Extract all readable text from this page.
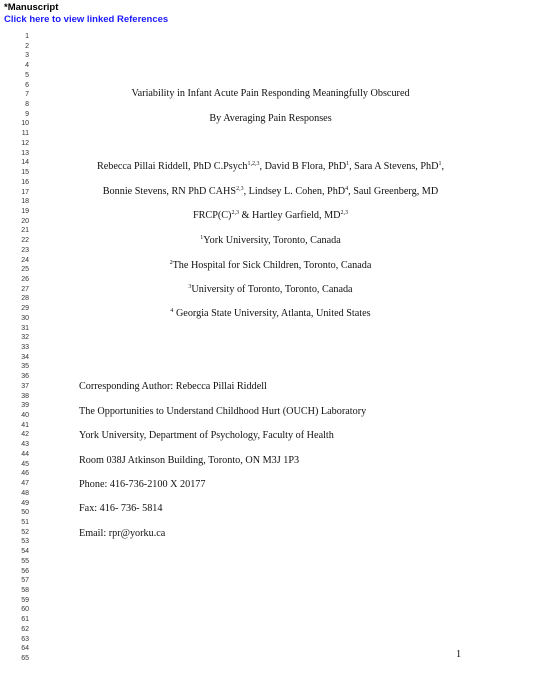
*Manuscript
Click here to view linked References
1
2
3
4
5
6
7
8
9
10
11
12
13
14
15
16
17
18
19
20
21
22
23
24
25
26
27
28
29
30
31
32
33
34
35
36
37
38
39
40
41
42
43
44
45
46
47
48
49
50
51
52
53
54
55
56
57
58
59
60
61
62
63
64
65
Variability in Infant Acute Pain Responding Meaningfully Obscured
By Averaging Pain Responses
Rebecca Pillai Riddell, PhD C.Psych$^{1,2,3}$, David B Flora, PhD$^1$, Sara A Stevens, PhD$^1$,
Bonnie Stevens, RN PhD CAHS$^{2,3}$, Lindsey L. Cohen, PhD$^4$, Saul Greenberg, MD
$FRCP(C)^{2,3}$ & Hartley Garfield, MD$^{2,3}$
$^1$York University, Toronto, Canada
$^2$The Hospital for Sick Children, Toronto, Canada
$^3$University of Toronto, Toronto, Canada
$^4$ Georgia State University, Atlanta, United States
Corresponding Author: Rebecca Pillai Riddell
The Opportunities to Understand Childhood Hurt (OUCH) Laboratory
York University, Department of Psychology, Faculty of Health
Room 038J Atkinson Building, Toronto, ON M3J 1P3
Phone: 416-736-2100 X 20177
Fax: 416- 736- 5814
Email: rpr@yorku.ca
1
